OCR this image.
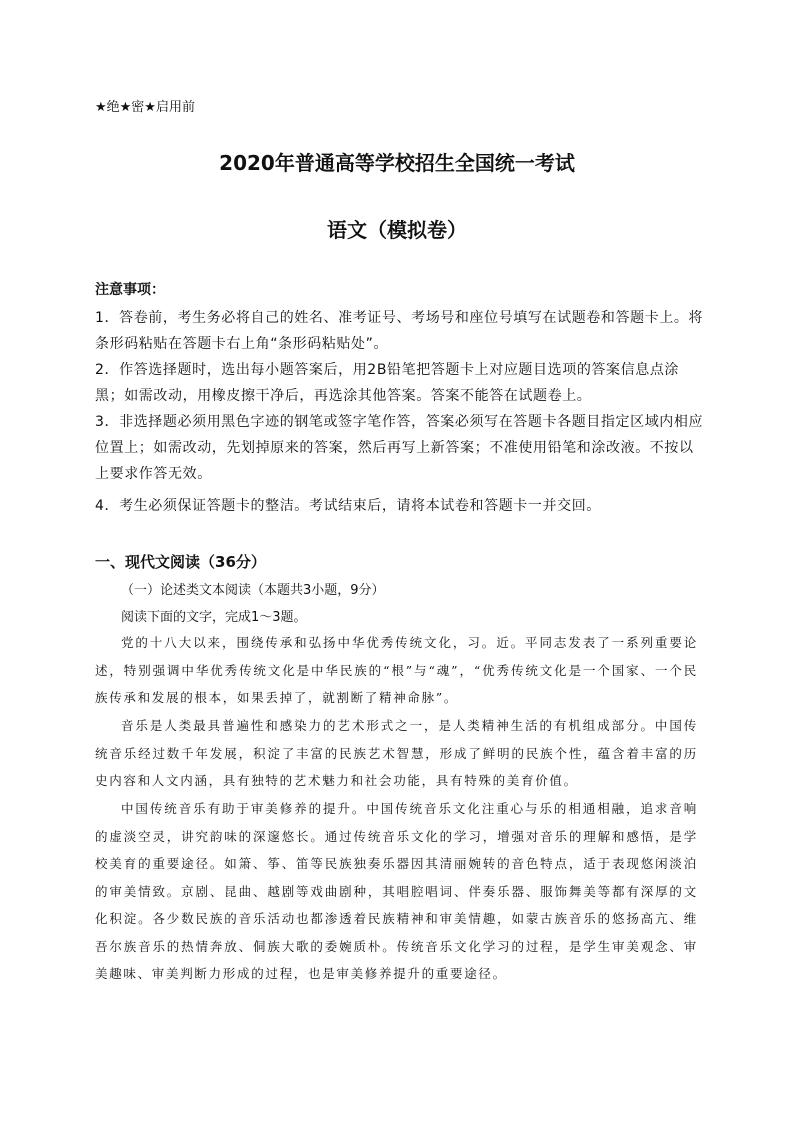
★绝★密★启用前
2020年普通高等学校招生全国统一考试
语文（模拟卷）
注意事项：
1．答卷前，考生务必将自己的姓名、准考证号、考场号和座位号填写在试题卷和答题卡上。将条形码粘贴在答题卡右上角“条形码粘贴处”。
2．作答选择题时，选出每小题答案后，用2B铅笔把答题卡上对应题目选项的答案信息点涂黑；如需改动，用橡皮擦干净后，再选涂其他答案。答案不能答在试题卷上。
3．非选择题必须用黑色字迹的钢笔或签字笔作答，答案必须写在答题卡各题目指定区域内相应位置上；如需改动，先划掉原来的答案，然后再写上新答案；不准使用铅笔和涂改液。不按以上要求作答无效。
4．考生必须保证答题卡的整洁。考试结束后，请将本试卷和答题卡一并交回。
一、现代文阅读（36分）
（一）论述类文本阅读（本题共3小题，9分）
阅读下面的文字，完成1～3题。
党的十八大以来，围绕传承和弘扬中华优秀传统文化，习。近。平同志发表了一系列重要论述，特别强调中华优秀传统文化是中华民族的“根”与“魂”，“优秀传统文化是一个国家、一个民族传承和发展的根本，如果丢掉了，就割断了精神命脉”。
音乐是人类最具普遍性和感染力的艺术形式之一，是人类精神生活的有机组成部分。中国传统音乐经过数千年发展，积淀了丰富的民族艺术智慧，形成了鲜明的民族个性，蕴含着丰富的历史内容和人文内涵，具有独特的艺术魅力和社会功能，具有特殊的美育价值。
中国传统音乐有助于审美修养的提升。中国传统音乐文化注重心与乐的相通相融，追求音响的虚淡空灵，讲究韵味的深邃悠长。通过传统音乐文化的学习，增强对音乐的理解和感悟，是学校美育的重要途径。如箫、筝、笛等民族独奏乐器因其清丽婉转的音色特点，适于表现悠闲淡泊的审美情致。京剧、昆曲、越剧等戏曲剧种，其唱腔唱词、伴奏乐器、服饰舞美等都有深厚的文化积淀。各少数民族的音乐活动也都渗透着民族精神和审美情趣，如蒙古族音乐的悠扬高亢、维吾尔族音乐的热情奔放、侗族大歌的委婉质朴。传统音乐文化学习的过程，是学生审美观念、审美趣味、审美判断力形成的过程，也是审美修养提升的重要途径。
